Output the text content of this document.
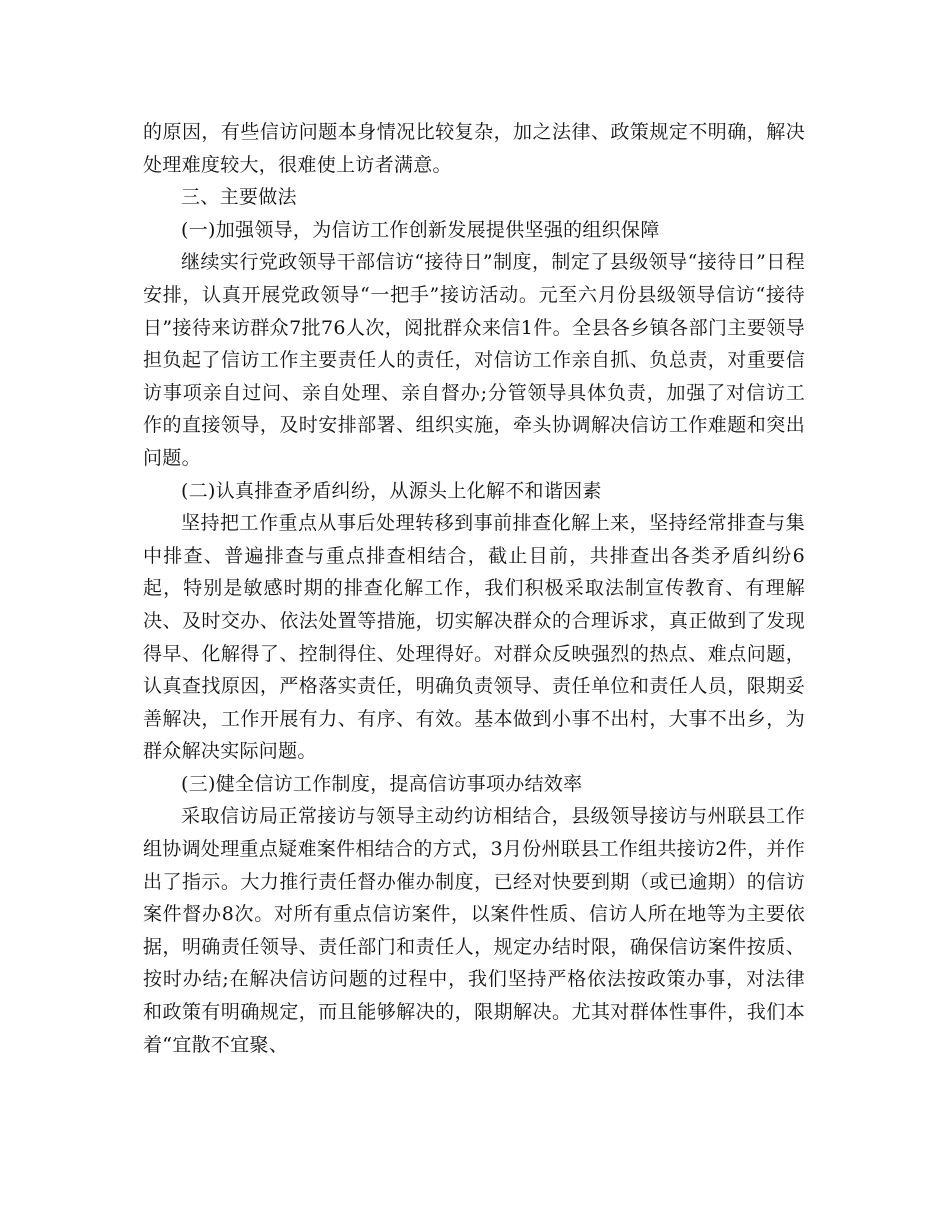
的原因，有些信访问题本身情况比较复杂，加之法律、政策规定不明确，解决处理难度较大，很难使上访者满意。

三、主要做法

(一)加强领导，为信访工作创新发展提供坚强的组织保障

继续实行党政领导干部信访“接待日”制度，制定了县级领导“接待日”日程安排，认真开展党政领导“一把手”接访活动。元至六月份县级领导信访“接待日”接待来访群众7批76人次，阅批群众来信1件。全县各乡镇各部门主要领导担负起了信访工作主要责任人的责任，对信访工作亲自抓、负总责，对重要信访事项亲自过问、亲自处理、亲自督办;分管领导具体负责，加强了对信访工作的直接领导，及时安排部署、组织实施，牵头协调解决信访工作难题和突出问题。

(二)认真排查矛盾纠纷，从源头上化解不和谐因素

坚持把工作重点从事后处理转移到事前排查化解上来，坚持经常排查与集中排查、普遍排查与重点排查相结合，截止目前，共排查出各类矛盾纠纷6起，特别是敏感时期的排查化解工作，我们积极采取法制宣传教育、有理解决、及时交办、依法处置等措施，切实解决群众的合理诉求，真正做到了发现得早、化解得了、控制得住、处理得好。对群众反映强烈的热点、难点问题，认真查找原因，严格落实责任，明确负责领导、责任单位和责任人员，限期妥善解决，工作开展有力、有序、有效。基本做到小事不出村，大事不出乡，为群众解决实际问题。

(三)健全信访工作制度，提高信访事项办结效率

采取信访局正常接访与领导主动约访相结合，县级领导接访与州联县工作组协调处理重点疑难案件相结合的方式，3月份州联县工作组共接访2件，并作出了指示。大力推行责任督办催办制度，已经对快要到期（或已逾期）的信访案件督办8次。对所有重点信访案件，以案件性质、信访人所在地等为主要依据，明确责任领导、责任部门和责任人，规定办结时限，确保信访案件按质、按时办结;在解决信访问题的过程中，我们坚持严格依法按政策办事，对法律和政策有明确规定，而且能够解决的，限期解决。尤其对群体性事件，我们本着“宜散不宜聚、
